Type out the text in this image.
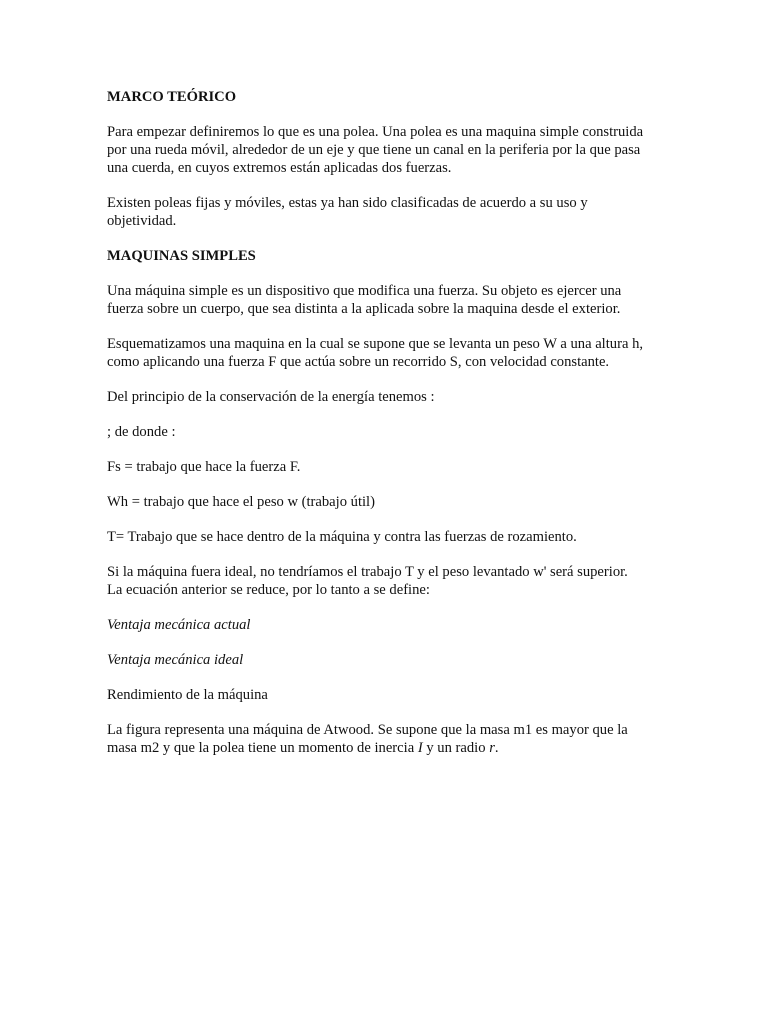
MARCO TEÓRICO

Para empezar definiremos lo que es una polea. Una polea es una maquina simple construida
por una rueda móvil, alrededor de un eje y que tiene un canal en la periferia por la que pasa
una cuerda, en cuyos extremos están aplicadas dos fuerzas.

Existen poleas fijas y móviles, estas ya han sido clasificadas de acuerdo a su uso y
objetividad.

MAQUINAS SIMPLES

Una máquina simple es un dispositivo que modifica una fuerza. Su objeto es ejercer una
fuerza sobre un cuerpo, que sea distinta a la aplicada sobre la maquina desde el exterior.

Esquematizamos una maquina en la cual se supone que se levanta un peso W a una altura h,
como aplicando una fuerza F que actúa sobre un recorrido S, con velocidad constante.

Del principio de la conservación de la energía tenemos :

; de donde :

Fs = trabajo que hace la fuerza F.

Wh = trabajo que hace el peso w (trabajo útil)

T= Trabajo que se hace dentro de la máquina y contra las fuerzas de rozamiento.

Si la máquina fuera ideal, no tendríamos el trabajo T y el peso levantado w' será superior.
La ecuación anterior se reduce, por lo tanto a se define:

Ventaja mecánica actual

Ventaja mecánica ideal

Rendimiento de la máquina

La figura representa una máquina de Atwood. Se supone que la masa m1 es mayor que la
masa m2 y que la polea tiene un momento de inercia I y un radio r.
